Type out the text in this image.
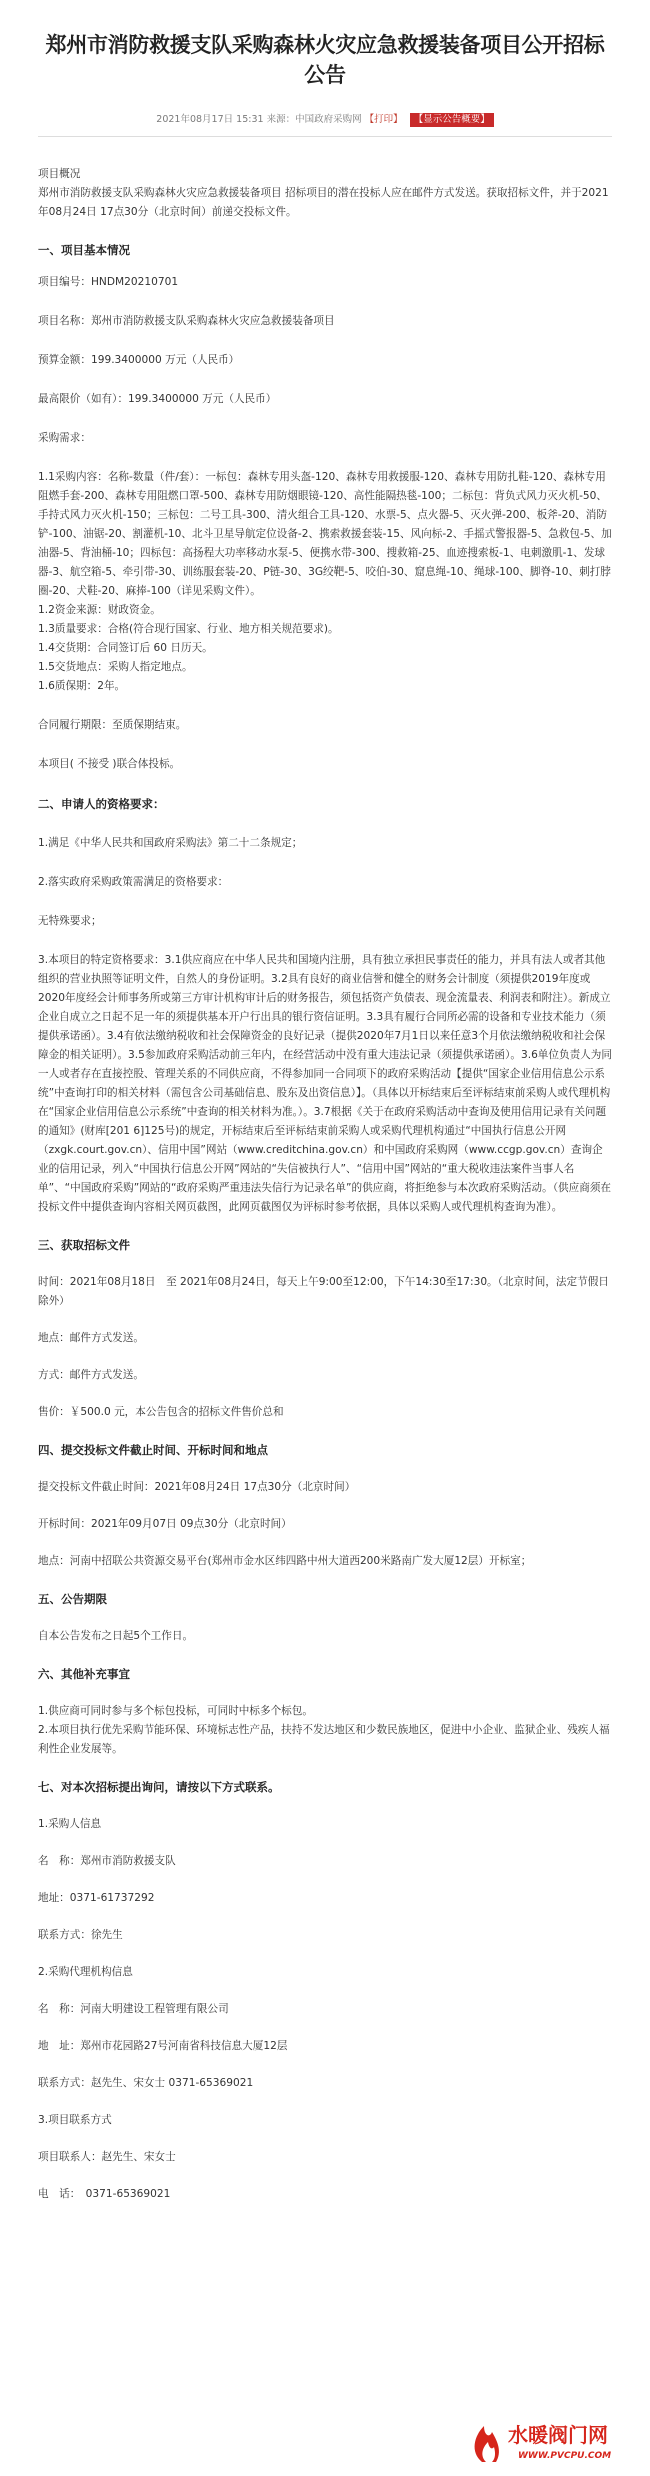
郑州市消防救援支队采购森林火灾应急救援装备项目公开招标公告
2021年08月17日 15:31 来源：中国政府采购网 【打印】 【显示公告概要】

项目概况

郑州市消防救援支队采购森林火灾应急救援装备项目 招标项目的潜在投标人应在邮件方式发送。获取招标文件，并于2021年08月24日 17点30分（北京时间）前递交投标文件。

一、项目基本情况

项目编号：HNDM20210701

项目名称：郑州市消防救援支队采购森林火灾应急救援装备项目

预算金额：199.3400000 万元（人民币）

最高限价（如有）：199.3400000 万元（人民币）

采购需求：

1.1采购内容：名称-数量（件/套）：一标包：森林专用头盔-120、森林专用救援服-120、森林专用防扎鞋-120、森林专用阻燃手套-200、森林专用阻燃口罩-500、森林专用防烟眼镜-120、高性能隔热毯-100；二标包：背负式风力灭火机-50、手持式风力灭火机-150；三标包：二号工具-300、清火组合工具-120、水票-5、点火器-5、灭火弹-200、板斧-20、消防铲-100、油锯-20、割灌机-10、北斗卫星导航定位设备-2、携索救援套装-15、风向标-2、手摇式警报器-5、急救包-5、加油器-5、背油桶-10；四标包：高扬程大功率移动水泵-5、便携水带-300、搜救箱-25、血迹搜索板-1、电刺激肌-1、发球器-3、航空箱-5、牵引带-30、训练服套装-20、P链-30、3G绞靶-5、咬伯-30、窟息绳-10、绳球-100、脚脊-10、刺打脖圈-20、犬鞋-20、麻捧-100（详见采购文件）。

1.2资金来源：财政资金。

1.3质量要求：合格(符合现行国家、行业、地方相关规范要求)。

1.4交货期：合同签订后 60 日历天。

1.5交货地点：采购人指定地点。

1.6质保期：2年。

合同履行期限：至质保期结束。

本项目( 不接受 )联合体投标。

二、申请人的资格要求：

1.满足《中华人民共和国政府采购法》第二十二条规定；

2.落实政府采购政策需满足的资格要求：

无特殊要求；

3.本项目的特定资格要求：3.1供应商应在中华人民共和国境内注册，具有独立承担民事责任的能力，并具有法人或者其他组织的营业执照等证明文件，自然人的身份证明。3.2具有良好的商业信誉和健全的财务会计制度（须提供2019年度或2020年度经会计师事务所或第三方审计机构审计后的财务报告，须包括资产负债表、现金流量表、利润表和附注）。新成立企业自成立之日起不足一年的须提供基本开户行出具的银行资信证明。3.3具有履行合同所必需的设备和专业技术能力（须提供承诺函）。3.4有依法缴纳税收和社会保障资金的良好记录（提供2020年7月1日以来任意3个月依法缴纳税收和社会保障金的相关证明）。3.5参加政府采购活动前三年内，在经营活动中没有重大违法记录（须提供承诺函）。3.6单位负责人为同一人或者存在直接控股、管理关系的不同供应商，不得参加同一合同项下的政府采购活动【提供“国家企业信用信息公示系统”中查询打印的相关材料（需包含公司基础信息、股东及出资信息）】。（具体以开标结束后至评标结束前采购人或代理机构在“国家企业信用信息公示系统”中查询的相关材料为准。）。3.7根据《关于在政府采购活动中查询及使用信用记录有关问题的通知》(财库[201 6]125号)的规定，开标结束后至评标结束前采购人或采购代理机构通过“中国执行信息公开网（zxgk.court.gov.cn）、信用中国”网站（www.creditchina.gov.cn）和中国政府采购网（www.ccgp.gov.cn）查询企业的信用记录，列入“中国执行信息公开网”网站的“失信被执行人”、“信用中国”网站的“重大税收违法案件当事人名单”、“中国政府采购”网站的“政府采购严重违法失信行为记录名单”的供应商，将拒绝参与本次政府采购活动。（供应商须在投标文件中提供查询内容相关网页截图，此网页截图仅为评标时参考依据，具体以采购人或代理机构查询为准）。

三、获取招标文件

时间：2021年08月18日　至 2021年08月24日，每天上午9:00至12:00，下午14:30至17:30。（北京时间，法定节假日除外）

地点：邮件方式发送。

方式：邮件方式发送。

售价：￥500.0 元，本公告包含的招标文件售价总和

四、提交投标文件截止时间、开标时间和地点

提交投标文件截止时间：2021年08月24日 17点30分（北京时间）

开标时间：2021年09月07日 09点30分（北京时间）

地点：河南中招联公共资源交易平台(郑州市金水区纬四路中州大道西200米路南广发大厦12层）开标室；

五、公告期限

自本公告发布之日起5个工作日。

六、其他补充事宜

1.供应商可同时参与多个标包投标，可同时中标多个标包。

2.本项目执行优先采购节能环保、环境标志性产品，扶持不发达地区和少数民族地区，促进中小企业、监狱企业、残疾人福利性企业发展等。

七、对本次招标提出询问，请按以下方式联系。

1.采购人信息

名　称：郑州市消防救援支队

地址：0371-61737292

联系方式：徐先生

2.采购代理机构信息

名　称：河南大明建设工程管理有限公司

地　址：郑州市花园路27号河南省科技信息大厦12层

联系方式：赵先生、宋女士 0371-65369021

3.项目联系方式

项目联系人：赵先生、宋女士

电　话：　0371-65369021

水暖阀门网
WWW.PVCPU.COM
